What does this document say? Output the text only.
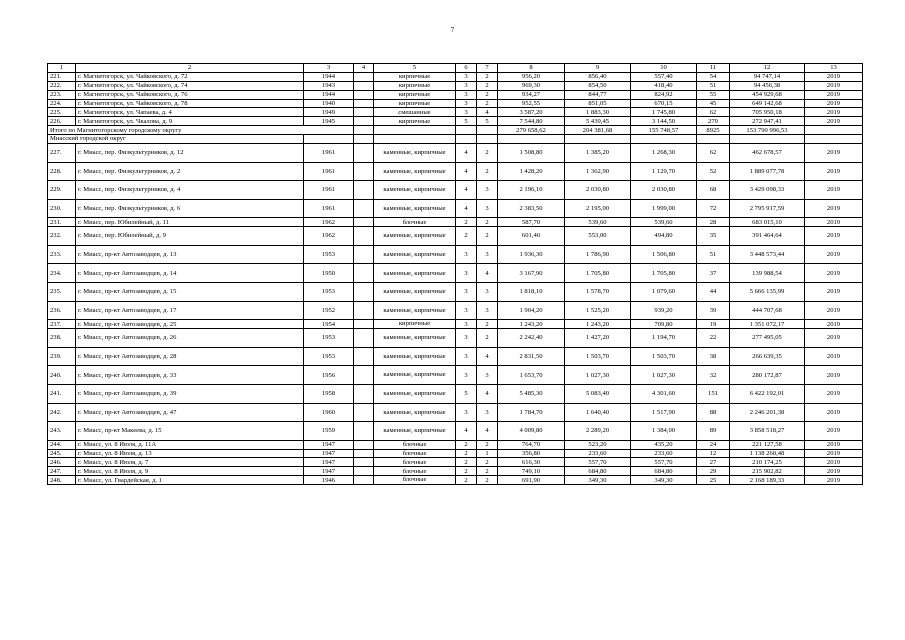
7
1	2	3	4	5	6	7	8	9	10	11	12	13
221.	г. Магнитогорск, ул. Чайковского, д. 72	1944		кирпичные	3	2	956,20	856,40	557,40	54	94 747,14	2019
222.	г. Магнитогорск, ул. Чайковского, д. 74	1943		кирпичные	3	2	969,30	854,50	418,40	51	94 456,38	2019
223.	г. Магнитогорск, ул. Чайковского, д. 76	1944		кирпичные	3	2	934,27	844,77	824,92	55	454 929,68	2019
224.	г. Магнитогорск, ул. Чайковского, д. 78	1940		кирпичные	3	2	952,55	851,05	670,15	45	649 142,68	2019
225.	г. Магнитогорск, ул. Чапаева, д. 4	1949		смешанные	3	4	3 587,20	1 883,30	1 745,80	62	705 950,18	2019
226.	г. Магнитогорск, ул. Чкалова, д. 9	1945		кирпичные	5	5	7 544,80	5 439,45	3 144,50	270	272 947,41	2019
Итого по Магнитогорскому городскому округу							279 658,62	204 381,68	155 748,57	8925	153 790 996,53	
Миасский городской округ												
227.	г. Миасс, пер. Физкультурников, д. 12	1961		каменные, кирпичные	4	2	1 508,80	1 385,20	1 268,30	62	462 678,57	2019
228.	г. Миасс, пер. Физкультурников, д. 2	1961		каменные, кирпичные	4	2	1 428,20	1 362,90	1 129,70	52	1 889 077,78	2019
229.	г. Миасс, пер. Физкультурников, д. 4	1961		каменные, кирпичные	4	3	2 196,10	2 030,80	2 030,80	68	3 429 098,33	2019
230.	г. Миасс, пер. Физкультурников, д. 6	1961		каменные, кирпичные	4	3	2 383,50	2 195,00	1 999,00	72	2 795 917,59	2019
231.	г. Миасс, пер. Юбилейный, д. 11	1962		блочные	2	2	587,70	539,60	539,60	28	683 015,10	2019
232.	г. Миасс, пер. Юбилейный, д. 9	1962		каменные, кирпичные	2	2	601,40	553,00	494,80	35	391 464,64	2019
233.	г. Миасс, пр-кт Автозаводцев, д. 13	1953		каменные, кирпичные	3	3	1 936,30	1 786,90	1 506,80	51	3 448 573,44	2019
234.	г. Миасс, пр-кт Автозаводцев, д. 14	1950		каменные, кирпичные	3	4	3 167,90	1 705,80	1 705,80	37	139 988,54	2019
235.	г. Миасс, пр-кт Автозаводцев, д. 15	1953		каменные, кирпичные	3	3	1 818,10	1 578,70	1 079,60	44	5 666 135,99	2019
236.	г. Миасс, пр-кт Автозаводцев, д. 17	1952		каменные, кирпичные	3	3	1 904,20	1 525,20	939,20	39	444 707,68	2019
237.	г. Миасс, пр-кт Автозаводцев, д. 25	1954		кирпичные	3	2	1 243,20	1 243,20	709,80	19	1 351 072,17	2019
238.	г. Миасс, пр-кт Автозаводцев, д. 26	1953		каменные, кирпичные	3	2	2 242,40	1 427,20	1 194,70	22	277 495,05	2019
239.	г. Миасс, пр-кт Автозаводцев, д. 28	1953		каменные, кирпичные	3	4	2 831,50	1 503,70	1 503,70	38	266 639,35	2019
240.	г. Миасс, пр-кт Автозаводцев, д. 33	1956		каменные, кирпичные	3	3	1 653,70	1 027,30	1 027,30	32	280 172,87	2019
241.	г. Миасс, пр-кт Автозаводцев, д. 39	1958		каменные, кирпичные	5	4	5 485,30	5 083,40	4 301,60	151	6 422 192,01	2019
242.	г. Миасс, пр-кт Автозаводцев, д. 47	1960		каменные, кирпичные	3	3	1 784,70	1 640,40	1 517,90	88	2 246 201,38	2019
243.	г. Миасс, пр-кт Макеева, д. 15	1959		каменные, кирпичные	4	4	4 009,80	2 289,20	1 384,00	89	3 858 518,27	2019
244.	г. Миасс, ул. 8 Июля, д. 11А	1947		блочные	2	2	764,70	523,20	435,20	24	221 127,58	2019
245.	г. Миасс, ул. 8 Июля, д. 13	1947		блочные	2	1	356,80	233,60	233,60	12	1 138 260,48	2019
246.	г. Миасс, ул. 8 Июля, д. 7	1947		блочные	2	2	616,30	557,70	557,70	27	210 174,25	2019
247.	г. Миасс, ул. 8 Июля, д. 9	1947		блочные	2	2	749,10	684,80	684,80	29	215 902,82	2019
248.	г. Миасс, ул. Гвардейская, д. 1	1946		блочные	2	2	691,90	349,30	349,30	25	2 168 189,33	2019
